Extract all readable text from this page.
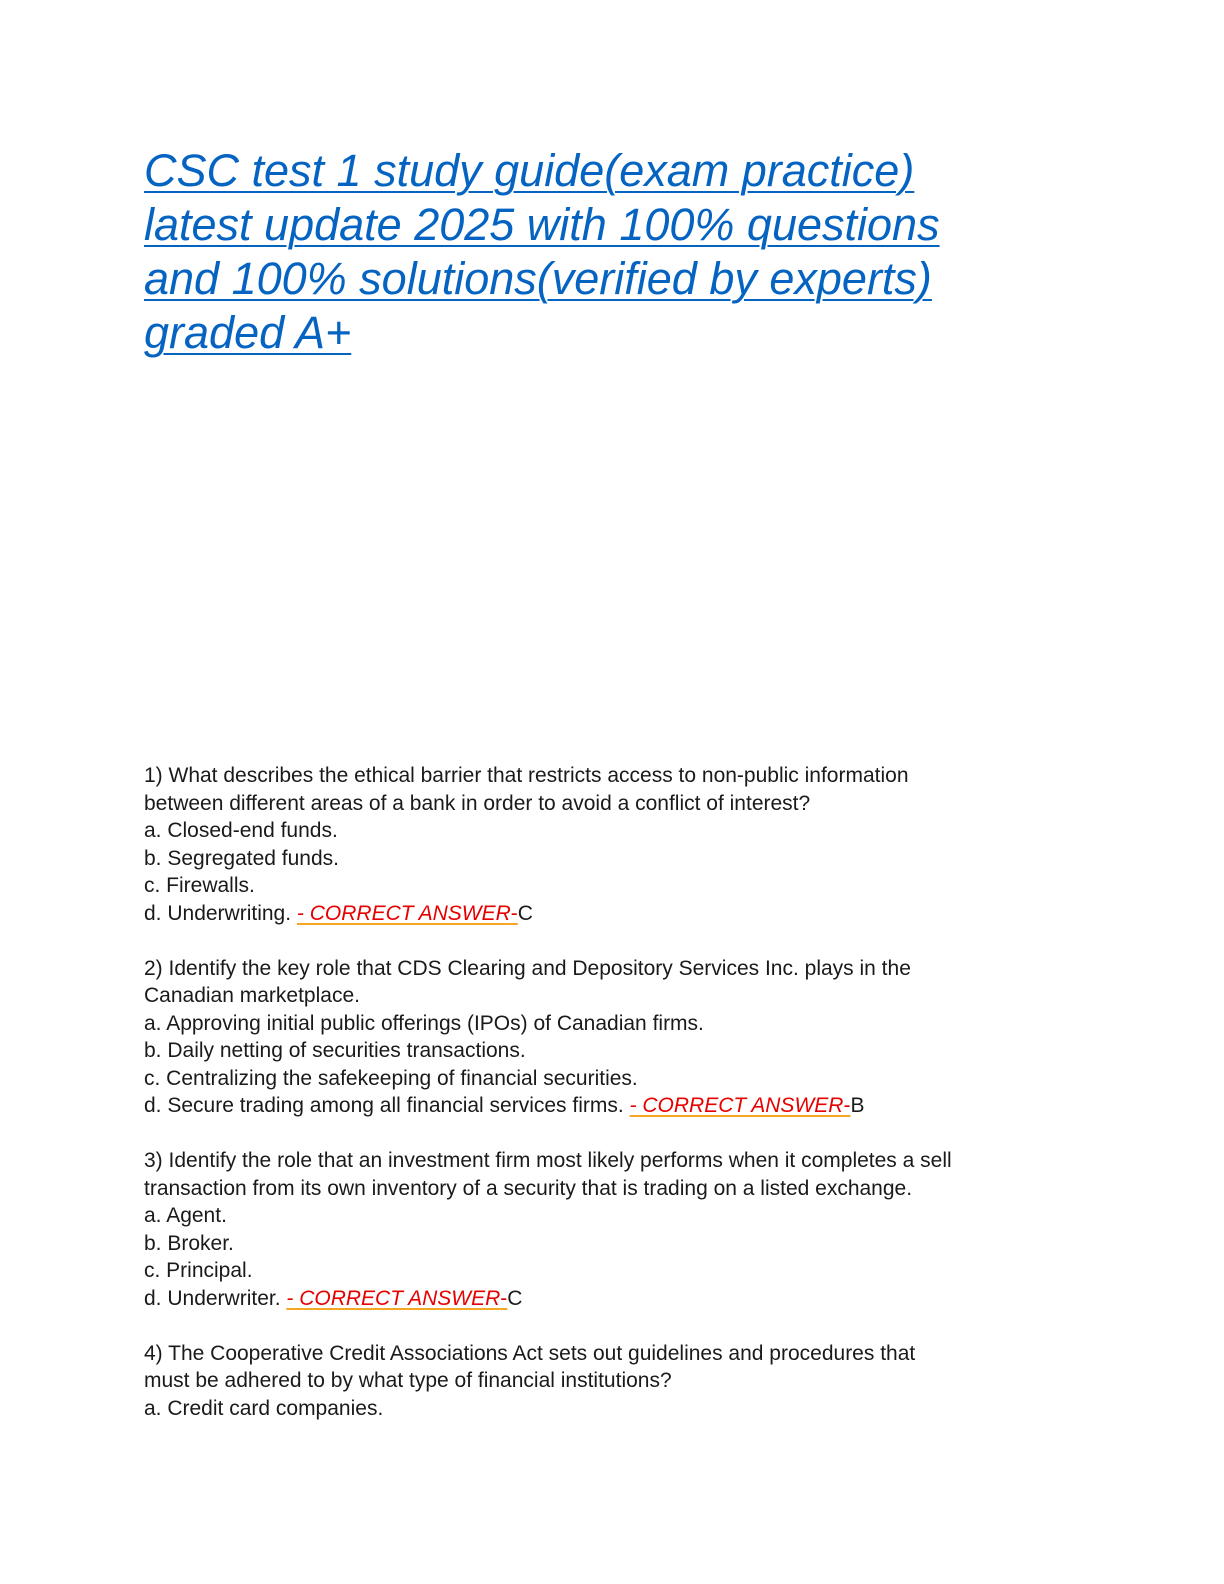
CSC test 1 study guide(exam practice)
latest update 2025 with 100% questions
and 100% solutions(verified by experts)
graded A+
1) What describes the ethical barrier that restricts access to non-public information
between different areas of a bank in order to avoid a conflict of interest?
a. Closed-end funds.
b. Segregated funds.
c. Firewalls.
d. Underwriting. - CORRECT ANSWER-C
2) Identify the key role that CDS Clearing and Depository Services Inc. plays in the
Canadian marketplace.
a. Approving initial public offerings (IPOs) of Canadian firms.
b. Daily netting of securities transactions.
c. Centralizing the safekeeping of financial securities.
d. Secure trading among all financial services firms. - CORRECT ANSWER-B
3) Identify the role that an investment firm most likely performs when it completes a sell
transaction from its own inventory of a security that is trading on a listed exchange.
a. Agent.
b. Broker.
c. Principal.
d. Underwriter. - CORRECT ANSWER-C
4) The Cooperative Credit Associations Act sets out guidelines and procedures that
must be adhered to by what type of financial institutions?
a. Credit card companies.
